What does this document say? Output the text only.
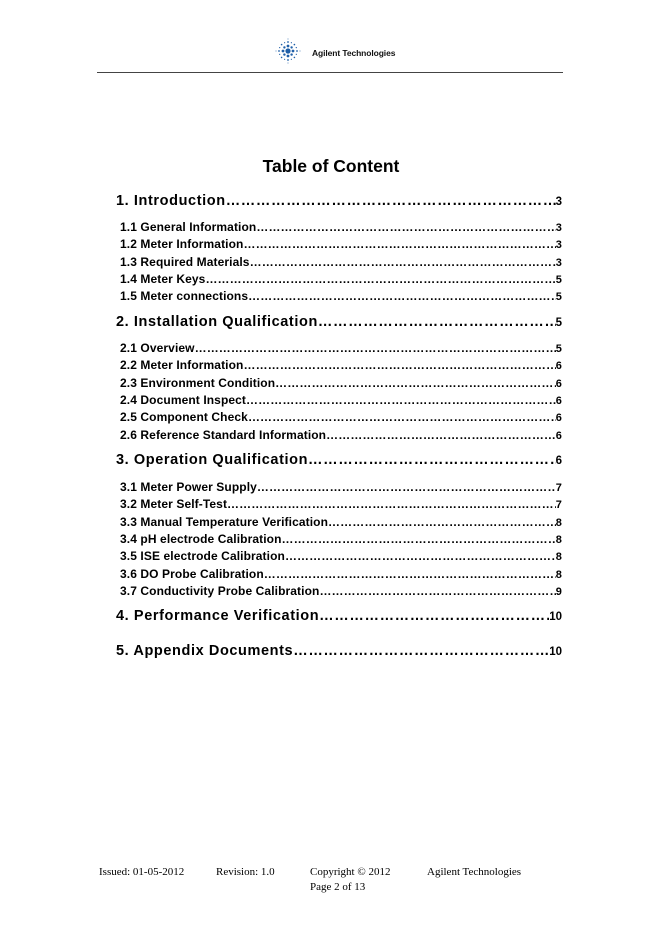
Agilent Technologies
Table of Content
1. Introduction ……………………………………………………………………………………………………………………………………………………………………………………	3
1.1 General Information ……………………………………………………………………………………………………………………………………………………………………………………	3
1.2 Meter Information ……………………………………………………………………………………………………………………………………………………………………………………	3
1.3 Required Materials ……………………………………………………………………………………………………………………………………………………………………………………	3
1.4 Meter Keys ……………………………………………………………………………………………………………………………………………………………………………………	5
1.5 Meter connections ……………………………………………………………………………………………………………………………………………………………………………………	5
2. Installation Qualification ……………………………………………………………………………………………………………………………………………………………………………………	5
2.1 Overview ……………………………………………………………………………………………………………………………………………………………………………………	5
2.2 Meter Information ……………………………………………………………………………………………………………………………………………………………………………………	6
2.3 Environment Condition ……………………………………………………………………………………………………………………………………………………………………………………	6
2.4 Document Inspect ……………………………………………………………………………………………………………………………………………………………………………………	6
2.5 Component Check ……………………………………………………………………………………………………………………………………………………………………………………	6
2.6 Reference Standard Information ……………………………………………………………………………………………………………………………………………………………………………………	6
3. Operation Qualification ……………………………………………………………………………………………………………………………………………………………………………………	6
3.1 Meter Power Supply ……………………………………………………………………………………………………………………………………………………………………………………	7
3.2 Meter Self-Test ……………………………………………………………………………………………………………………………………………………………………………………	7
3.3 Manual Temperature Verification ……………………………………………………………………………………………………………………………………………………………………………………	8
3.4 pH electrode Calibration ……………………………………………………………………………………………………………………………………………………………………………………	8
3.5 ISE electrode Calibration ……………………………………………………………………………………………………………………………………………………………………………………	8
3.6 DO Probe Calibration ……………………………………………………………………………………………………………………………………………………………………………………	8
3.7 Conductivity Probe Calibration ……………………………………………………………………………………………………………………………………………………………………………………	9
4. Performance Verification ……………………………………………………………………………………………………………………………………………………………………………………	10
5. Appendix Documents ……………………………………………………………………………………………………………………………………………………………………………………	10
Issued: 01-05-2012	Revision: 1.0	Copyright © 2012	Agilent Technologies
Page 2 of 13
